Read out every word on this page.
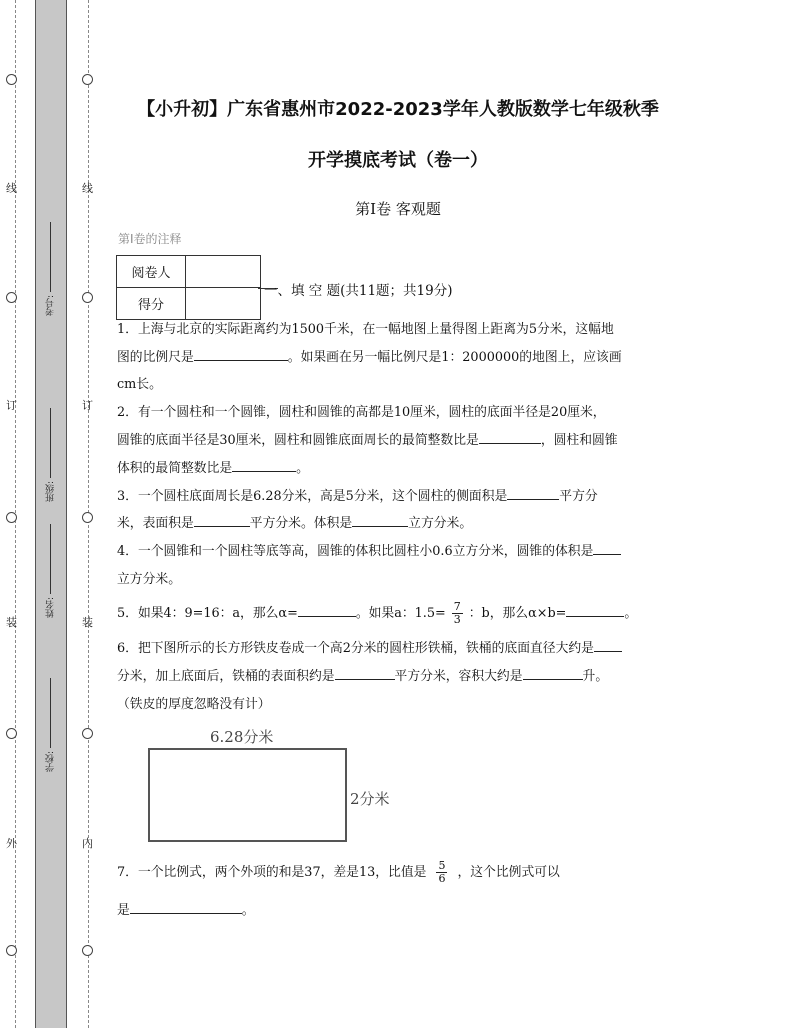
线
订
装
外
线
订
装
内
考号:
班级:
姓名:
学校:
【小升初】广东省惠州市2022-2023学年人教版数学七年级秋季
开学摸底考试（卷一）
第I卷 客观题
第I卷的注释
阅卷人	
得分	
一、填 空 题(共11题；共19分)
1．上海与北京的实际距离约为1500千米，在一幅地图上量得图上距离为5分米，这幅地
图的比例尺是	。如果画在另一幅比例尺是1：2000000的地图上，应该画
cm长。
2．有一个圆柱和一个圆锥，圆柱和圆锥的高都是10厘米，圆柱的底面半径是20厘米，
圆锥的底面半径是30厘米，圆柱和圆锥底面周长的最简整数比是	，圆柱和圆锥
体积的最简整数比是	。
3．一个圆柱底面周长是6.28分米，高是5分米，这个圆柱的侧面积是	平方分
米，表面积是	平方分米。体积是	立方分米。
4．一个圆锥和一个圆柱等底等高，圆锥的体积比圆柱小0.6立方分米，圆锥的体积是
立方分米。
5．如果4：9=16：a，那么α=	。如果a：$1.5= \frac{7}{3}$ ：b，那么α×b=	。
6．把下图所示的长方形铁皮卷成一个高2分米的圆柱形铁桶，铁桶的底面直径大约是
分米，加上底面后，铁桶的表面积约是	平方分米，容积大约是	升。
（铁皮的厚度忽略没有计）
6.28分米
2分米
7．一个比例式，两个外项的和是37，差是13，比值是 $\frac{5}{6}$ ，这个比例式可以
是	。
